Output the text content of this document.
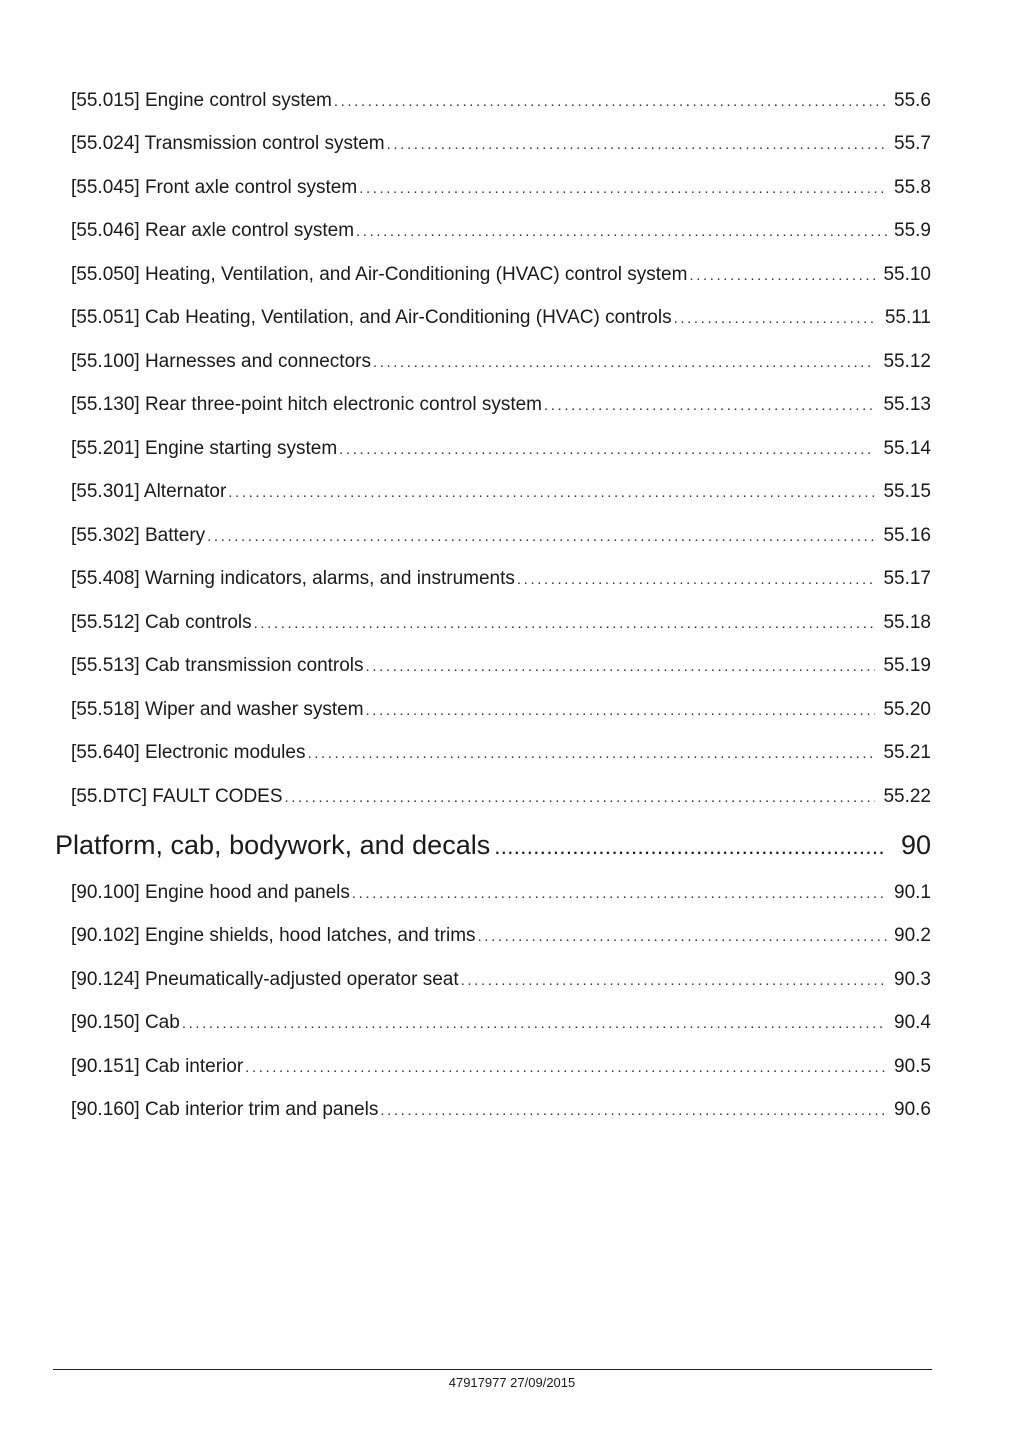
[55.015] Engine control system .....	55.6
[55.024] Transmission control system .....	55.7
[55.045] Front axle control system .....	55.8
[55.046] Rear axle control system .....	55.9
[55.050] Heating, Ventilation, and Air-Conditioning (HVAC) control system .....	55.10
[55.051] Cab Heating, Ventilation, and Air-Conditioning (HVAC) controls .....	55.11
[55.100] Harnesses and connectors .....	55.12
[55.130] Rear three-point hitch electronic control system .....	55.13
[55.201] Engine starting system .....	55.14
[55.301] Alternator .....	55.15
[55.302] Battery .....	55.16
[55.408] Warning indicators, alarms, and instruments .....	55.17
[55.512] Cab controls .....	55.18
[55.513] Cab transmission controls .....	55.19
[55.518] Wiper and washer system .....	55.20
[55.640] Electronic modules .....	55.21
[55.DTC] FAULT CODES .....	55.22
Platform, cab, bodywork, and decals .....	90
[90.100] Engine hood and panels .....	90.1
[90.102] Engine shields, hood latches, and trims .....	90.2
[90.124] Pneumatically-adjusted operator seat .....	90.3
[90.150] Cab .....	90.4
[90.151] Cab interior .....	90.5
[90.160] Cab interior trim and panels .....	90.6
47917977 27/09/2015
